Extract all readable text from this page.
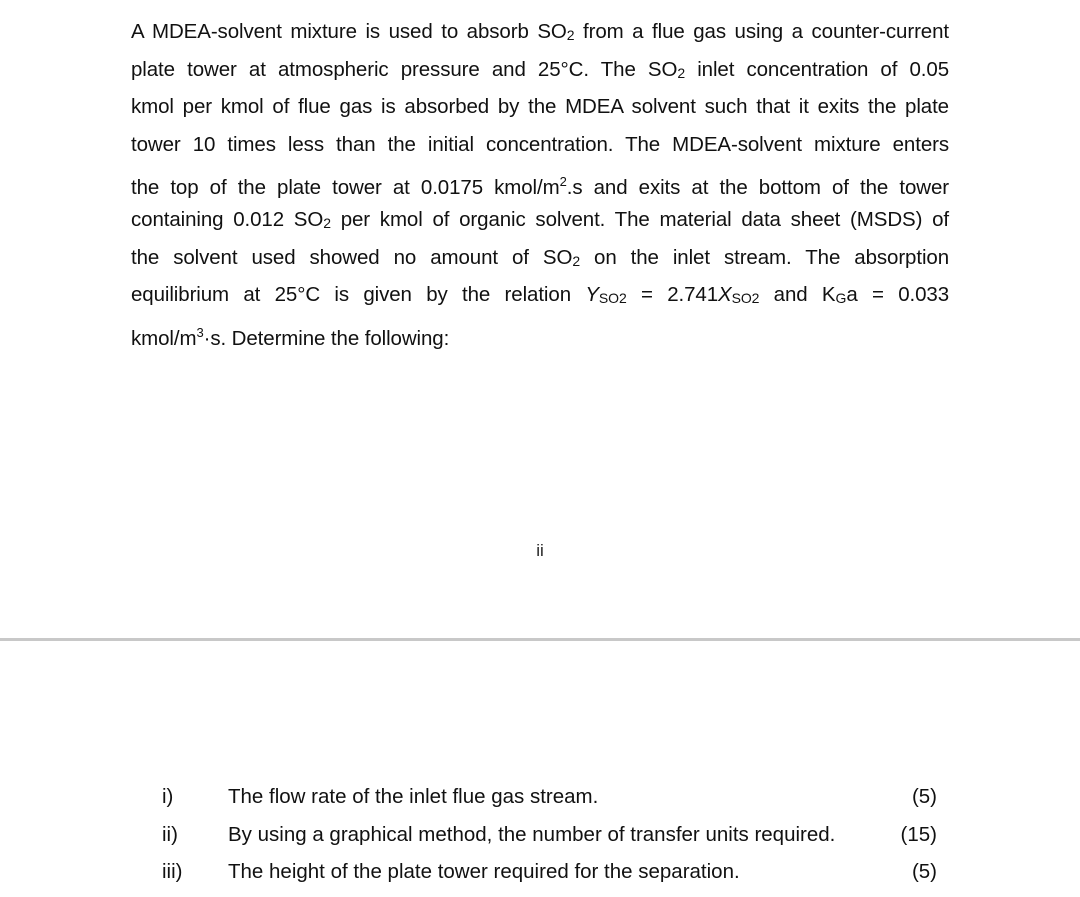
A MDEA-solvent mixture is used to absorb SO2 from a flue gas using a counter-current
plate tower at atmospheric pressure and 25°C. The SO2 inlet concentration of 0.05
kmol per kmol of flue gas is absorbed by the MDEA solvent such that it exits the plate
tower 10 times less than the initial concentration. The MDEA-solvent mixture enters
the top of the plate tower at 0.0175 kmol/$m^2.s$ and exits at the bottom of the tower
containing 0.012 SO2 per kmol of organic solvent. The material data sheet (MSDS) of
the solvent used showed no amount of SO2 on the inlet stream. The absorption
equilibrium at 25°C is given by the relation YSO2 = 2.741XSO2 and KGa = 0.033
kmol/$m^3\cdot s$. Determine the following:
ii
i)	The flow rate of the inlet flue gas stream.	(5)
ii)	By using a graphical method, the number of transfer units required.	(15)
iii)	The height of the plate tower required for the separation.	(5)
